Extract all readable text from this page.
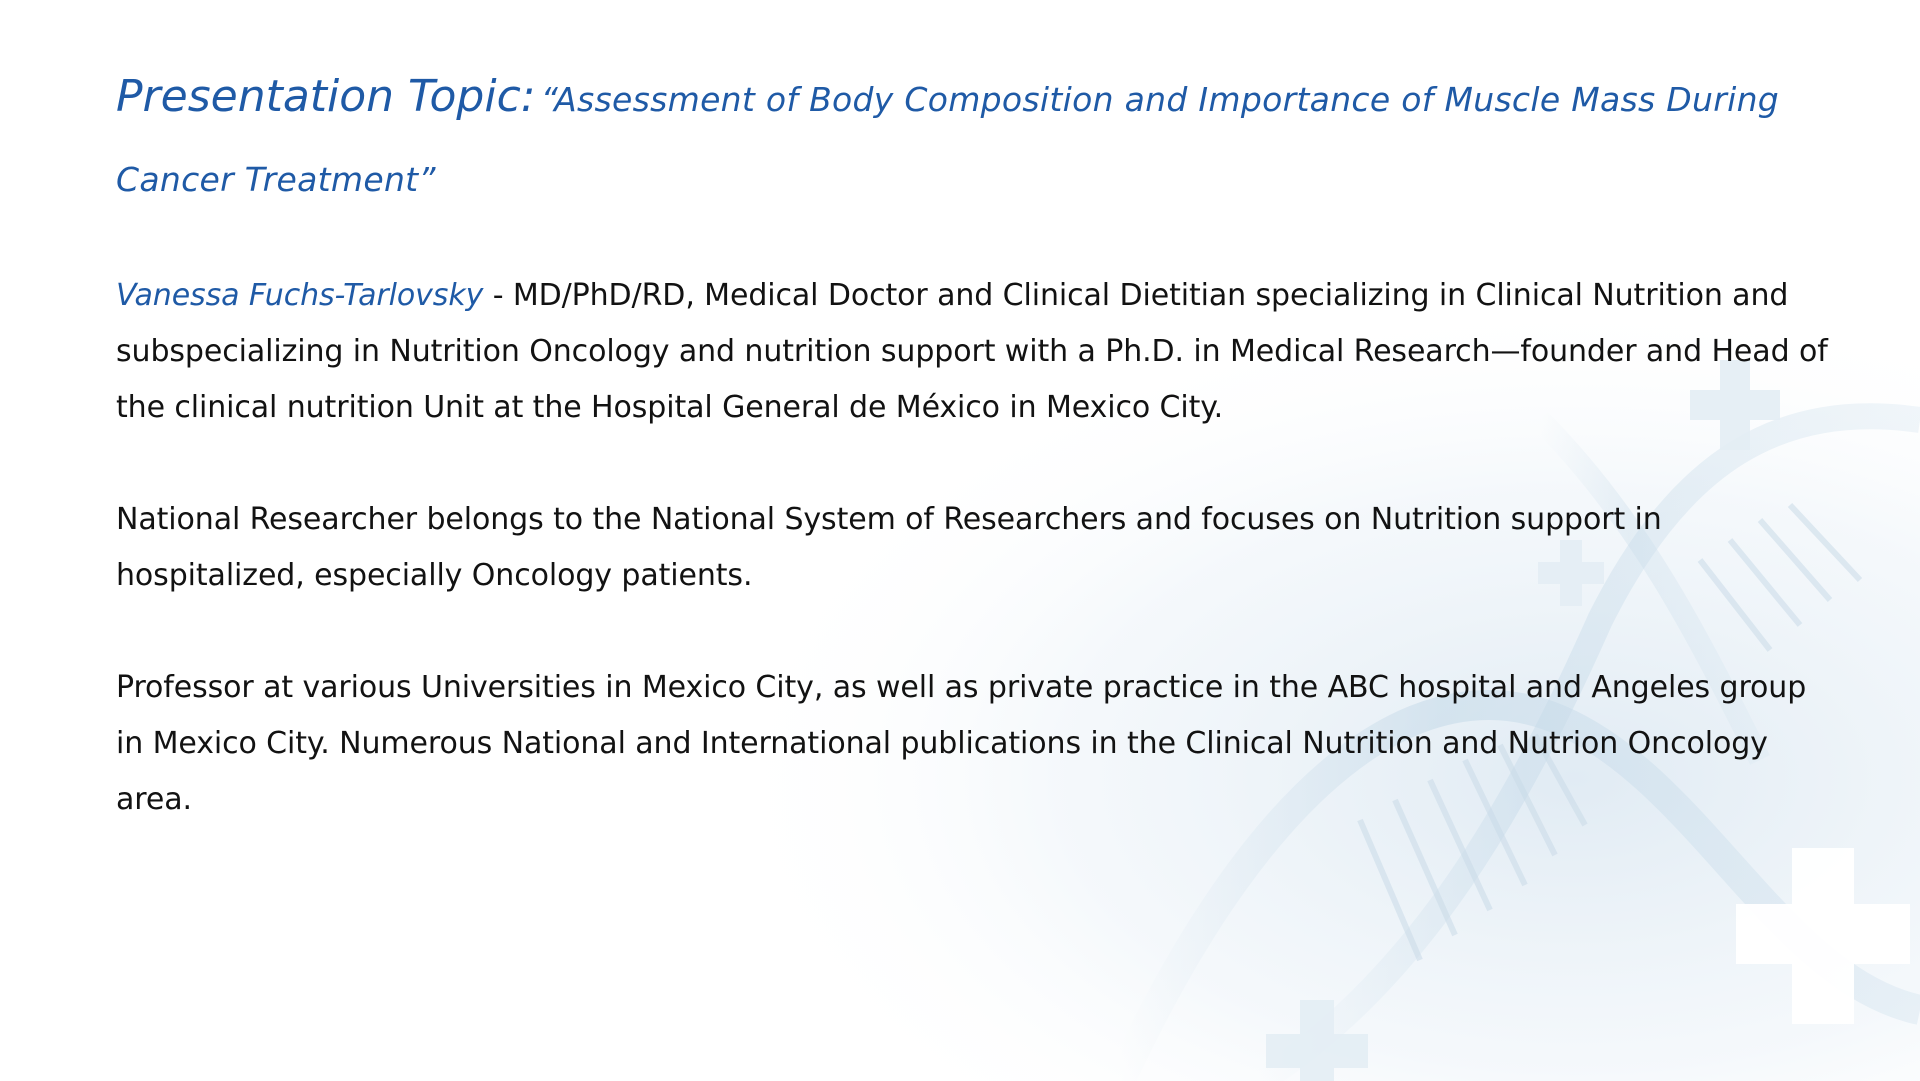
Presentation Topic: “Assessment of Body Composition and Importance of Muscle Mass During Cancer Treatment”
Vanessa Fuchs-Tarlovsky - MD/PhD/RD, Medical Doctor and Clinical Dietitian specializing in Clinical Nutrition and subspecializing in Nutrition Oncology and nutrition support with a Ph.D. in Medical Research—founder and Head of the clinical nutrition Unit at the Hospital General de México in Mexico City.
National Researcher belongs to the National System of Researchers and focuses on Nutrition support in hospitalized, especially Oncology patients.
Professor at various Universities in Mexico City, as well as private practice in the ABC hospital and Angeles group in Mexico City. Numerous National and International publications in the Clinical Nutrition and Nutrion Oncology area.
